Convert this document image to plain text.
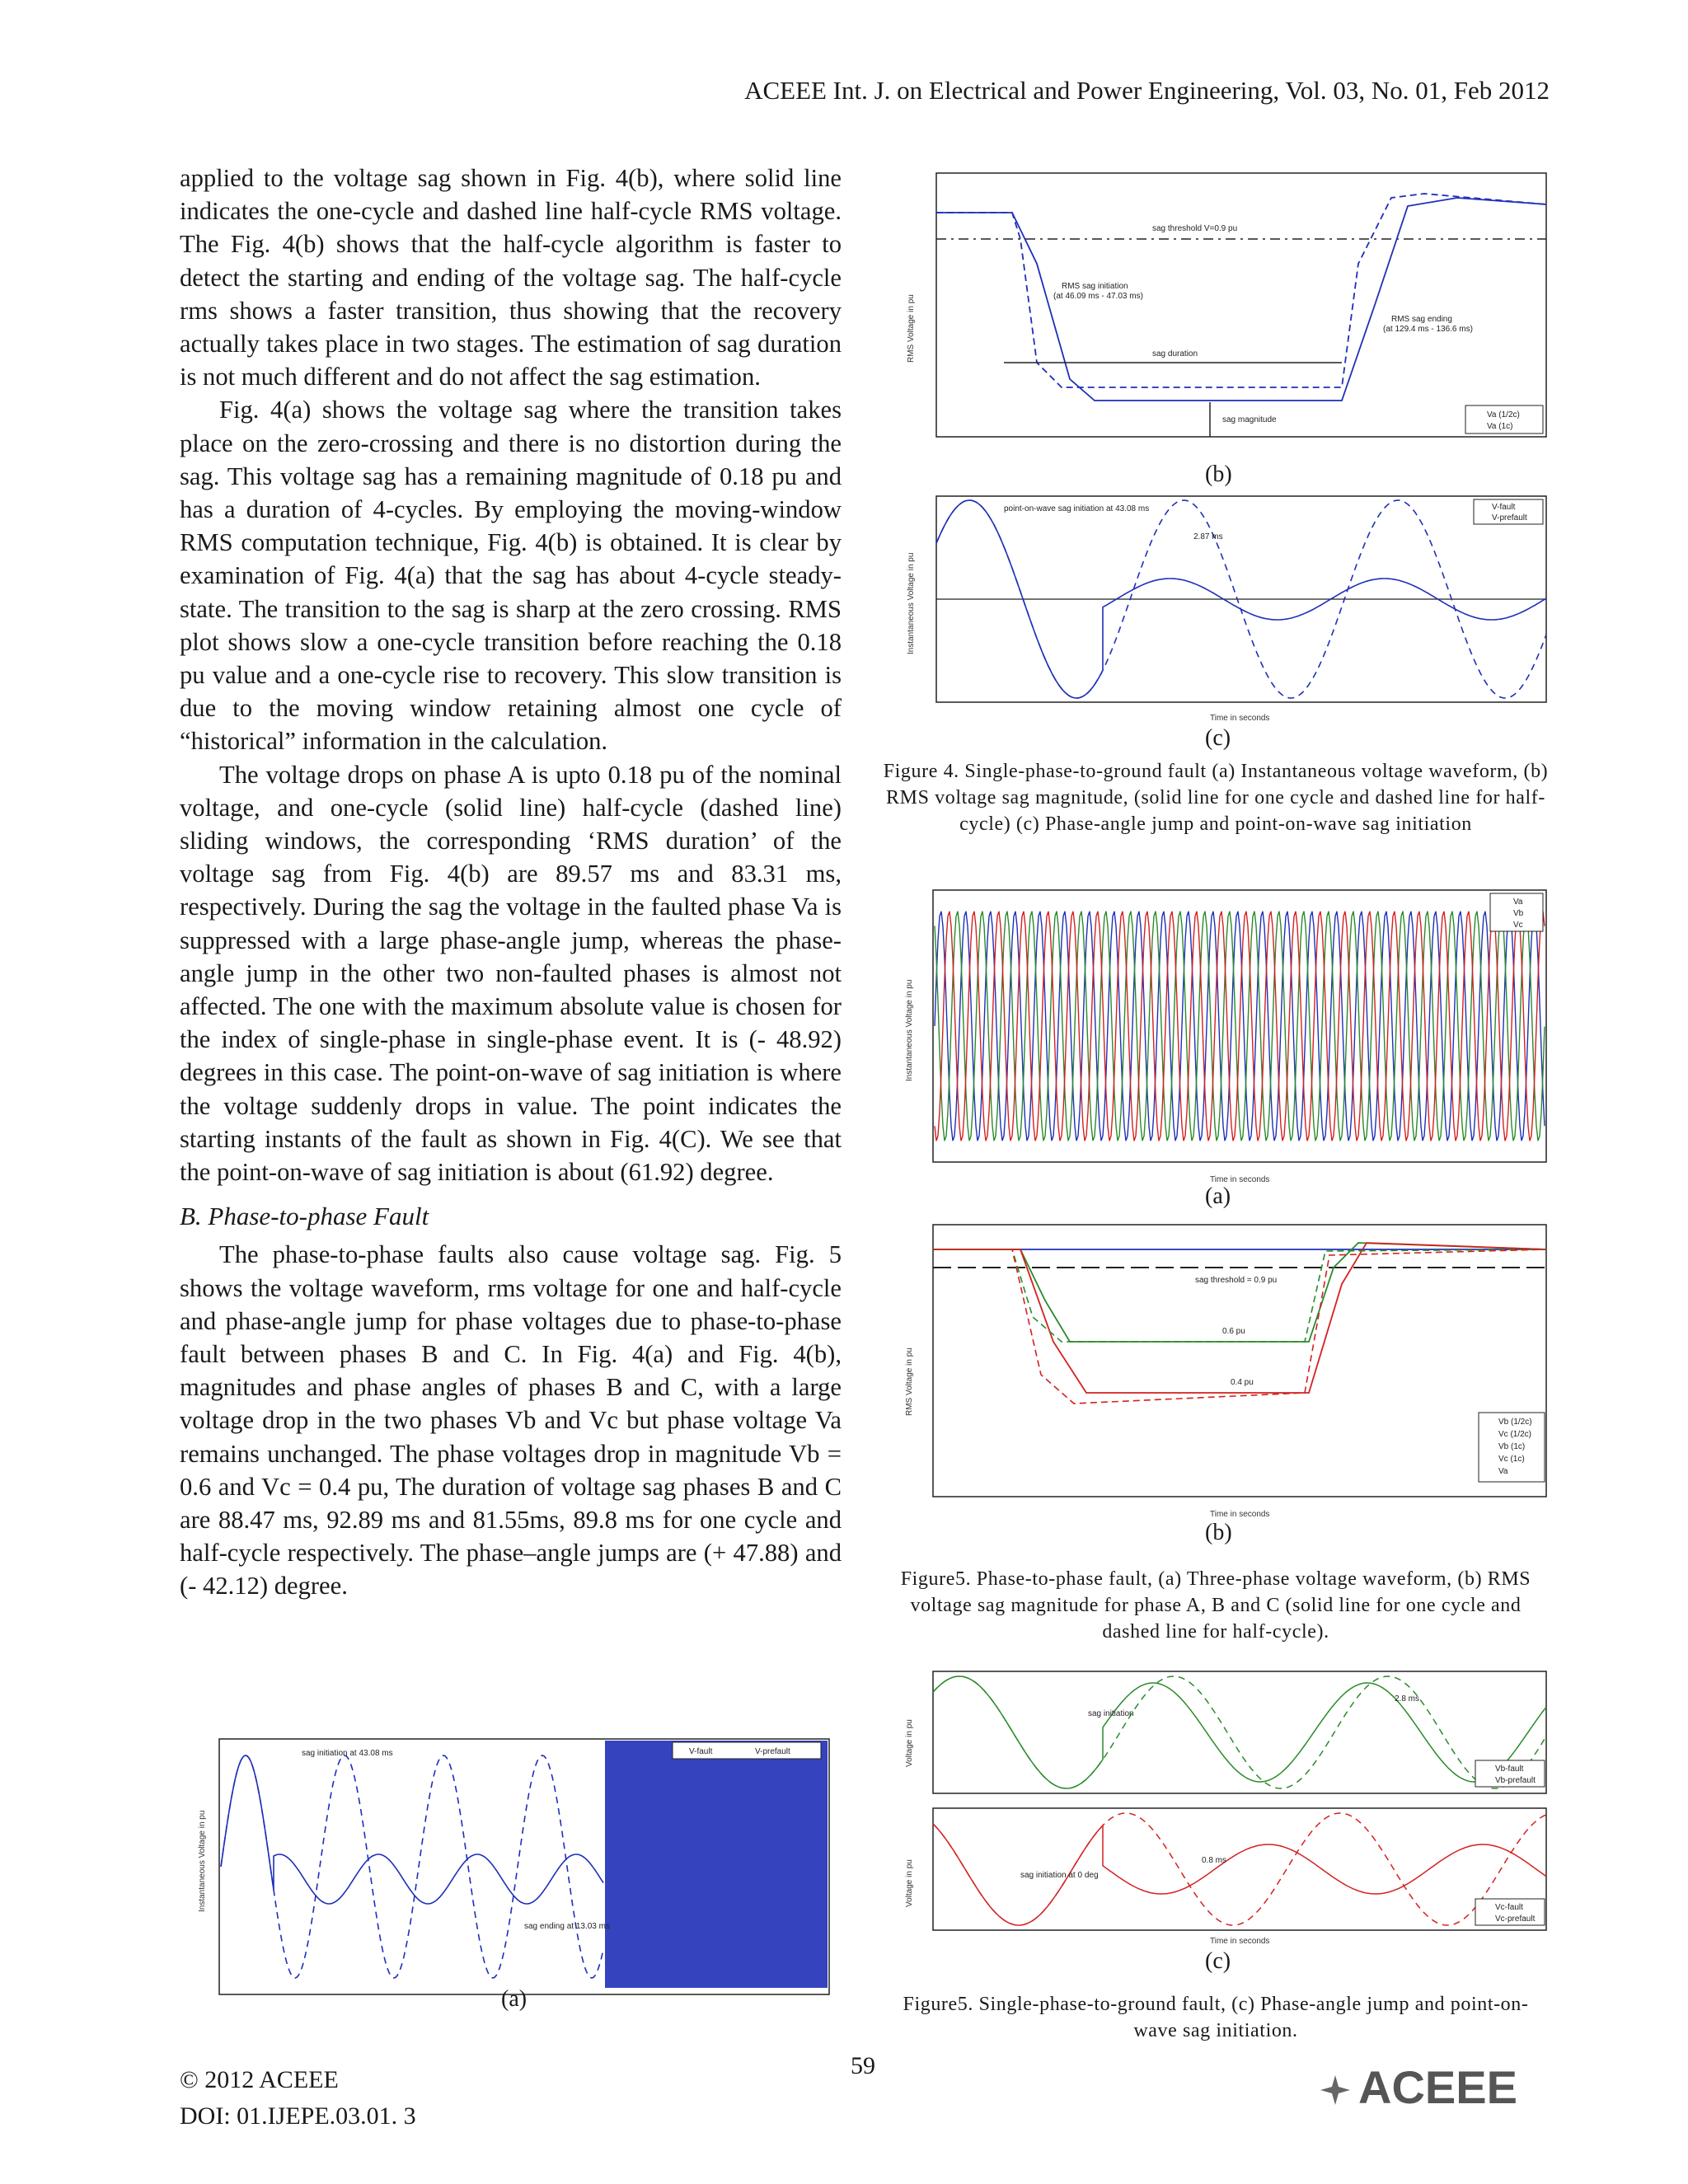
ACEEE Int. J. on Electrical and Power Engineering, Vol. 03, No. 01, Feb 2012

applied to the voltage sag shown in Fig. 4(b), where solid line indicates the one-cycle and dashed line half-cycle RMS voltage. The Fig. 4(b) shows that the half-cycle algorithm is faster to detect the starting and ending of the voltage sag. The half-cycle rms shows a faster transition, thus showing that the recovery actually takes place in two stages. The estimation of sag duration is not much different and do not affect the sag estimation.

Fig. 4(a) shows the voltage sag where the transition takes place on the zero-crossing and there is no distortion during the sag. This voltage sag has a remaining magnitude of 0.18 pu and has a duration of 4-cycles. By employing the moving-window RMS computation technique, Fig. 4(b) is obtained. It is clear by examination of Fig. 4(a) that the sag has about 4-cycle steady-state. The transition to the sag is sharp at the zero crossing. RMS plot shows slow a one-cycle transition before reaching the 0.18 pu value and a one-cycle rise to recovery. This slow transition is due to the moving window retaining almost one cycle of “historical” information in the calculation.

The voltage drops on phase A is upto 0.18 pu of the nominal voltage, and one-cycle (solid line) half-cycle (dashed line) sliding windows, the corresponding ‘RMS duration’ of the voltage sag from Fig. 4(b) are 89.57 ms and 83.31 ms, respectively. During the sag the voltage in the faulted phase Va is suppressed with a large phase-angle jump, whereas the phase-angle jump in the other two non-faulted phases is almost not affected. The one with the maximum absolute value is chosen for the index of single-phase in single-phase event. It is (- 48.92) degrees in this case. The point-on-wave of sag initiation is where the voltage suddenly drops in value. The point indicates the starting instants of the fault as shown in Fig. 4(C). We see that the point-on-wave of sag initiation is about (61.92) degree.

B. Phase-to-phase Fault

The phase-to-phase faults also cause voltage sag. Fig. 5 shows the voltage waveform, rms voltage for one and half-cycle and phase-angle jump for phase voltages due to phase-to-phase fault between phases B and C. In Fig. 4(a) and Fig. 4(b), magnitudes and phase angles of phases B and C, with a large voltage drop in the two phases Vb and Vc but phase voltage Va remains unchanged. The phase voltages drop in magnitude Vb = 0.6 and Vc = 0.4 pu, The duration of voltage sag phases B and C are 88.47 ms, 92.89 ms and 81.55ms, 89.8 ms for one cycle and half-cycle respectively. The phase–angle jumps are (+ 47.88) and (- 42.12) degree.

Instantaneous Voltage in pu
V-fault	V-prefault
sag initiation at 43.08 ms
sag ending at 13.03 ms
(a)
RMS Voltage in pu
sag threshold V=0.9 pu
RMS sag initiation
(at 46.09 ms - 47.03 ms)
RMS sag ending
(at 129.4 ms - 136.6 ms)
sag duration
sag magnitude
Va (1/2c)
Va (1c)
(b)
Instantaneous Voltage in pu
point-on-wave sag initiation at 43.08 ms
2.87 ms
V-fault
V-prefault
Time in seconds
(c)
Figure 4. Single-phase-to-ground fault (a) Instantaneous voltage waveform, (b) RMS voltage sag magnitude, (solid line for one cycle and dashed line for half-cycle) (c) Phase-angle jump and point-on-wave sag initiation
Instantaneous Voltage in pu
Va
Vb
Vc
Time in seconds
(a)
RMS Voltage in pu
sag threshold = 0.9 pu
0.6 pu
0.4 pu
Vb (1/2c)
Vc (1/2c)
Vb (1c)
Vc (1c)
Va
Time in seconds
(b)
Figure5. Phase-to-phase fault, (a) Three-phase voltage waveform, (b) RMS voltage sag magnitude for phase A, B and C (solid line for one cycle and dashed line for half-cycle).
Voltage in pu
Voltage in pu
sag initiation
2.8 ms
sag initiation at 0 deg
0.8 ms
Vb-fault
Vb-prefault
Vc-fault
Vc-prefault
Time in seconds
(c)
Figure5. Single-phase-to-ground fault, (c) Phase-angle jump and point-on-wave sag initiation.
© 2012 ACEEE
DOI: 01.IJEPE.03.01. 3
59	ACEEE
